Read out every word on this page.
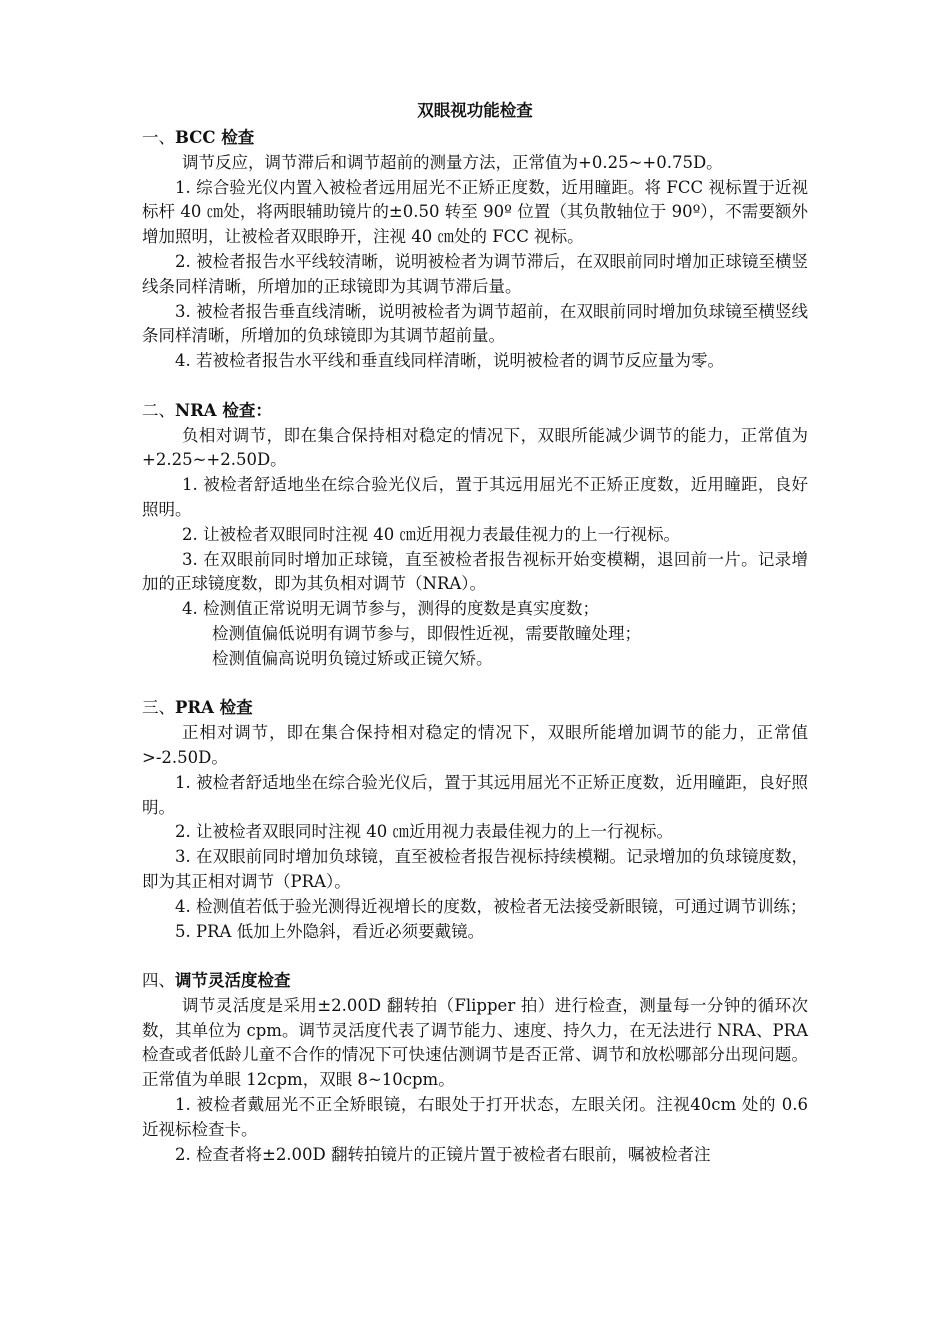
双眼视功能检查

一、BCC 检查

调节反应，调节滞后和调节超前的测量方法，正常值为+0.25~+0.75D。

1. 综合验光仪内置入被检者远用屈光不正矫正度数，近用瞳距。将 FCC 视标置于近视标杆 40 ㎝处，将两眼辅助镜片的±0.50 转至 90º 位置（其负散轴位于 90º），不需要额外增加照明，让被检者双眼睁开，注视 40 ㎝处的 FCC 视标。

2. 被检者报告水平线较清晰，说明被检者为调节滞后，在双眼前同时增加正球镜至横竖线条同样清晰，所增加的正球镜即为其调节滞后量。

3. 被检者报告垂直线清晰，说明被检者为调节超前，在双眼前同时增加负球镜至横竖线条同样清晰，所增加的负球镜即为其调节超前量。

4. 若被检者报告水平线和垂直线同样清晰，说明被检者的调节反应量为零。

二、NRA 检查：

负相对调节，即在集合保持相对稳定的情况下，双眼所能减少调节的能力，正常值为+2.25~+2.50D。

1. 被检者舒适地坐在综合验光仪后，置于其远用屈光不正矫正度数，近用瞳距，良好照明。

2. 让被检者双眼同时注视 40 ㎝近用视力表最佳视力的上一行视标。

3. 在双眼前同时增加正球镜，直至被检者报告视标开始变模糊，退回前一片。记录增加的正球镜度数，即为其负相对调节（NRA）。

4. 检测值正常说明无调节参与，测得的度数是真实度数；

检测值偏低说明有调节参与，即假性近视，需要散瞳处理；

检测值偏高说明负镜过矫或正镜欠矫。

三、PRA 检查

正相对调节，即在集合保持相对稳定的情况下，双眼所能增加调节的能力，正常值>-2.50D。

1. 被检者舒适地坐在综合验光仪后，置于其远用屈光不正矫正度数，近用瞳距，良好照明。

2. 让被检者双眼同时注视 40 ㎝近用视力表最佳视力的上一行视标。

3. 在双眼前同时增加负球镜，直至被检者报告视标持续模糊。记录增加的负球镜度数，即为其正相对调节（PRA）。

4. 检测值若低于验光测得近视增长的度数，被检者无法接受新眼镜，可通过调节训练；

5. PRA 低加上外隐斜，看近必须要戴镜。

四、调节灵活度检查

调节灵活度是采用±2.00D 翻转拍（Flipper 拍）进行检查，测量每一分钟的循环次数，其单位为 cpm。调节灵活度代表了调节能力、速度、持久力，在无法进行 NRA、PRA 检查或者低龄儿童不合作的情况下可快速估测调节是否正常、调节和放松哪部分出现问题。正常值为单眼 12cpm，双眼 8~10cpm。

1. 被检者戴屈光不正全矫眼镜，右眼处于打开状态，左眼关闭。注视40cm 处的 0.6 近视标检查卡。

2. 检查者将±2.00D 翻转拍镜片的正镜片置于被检者右眼前，嘱被检者注
